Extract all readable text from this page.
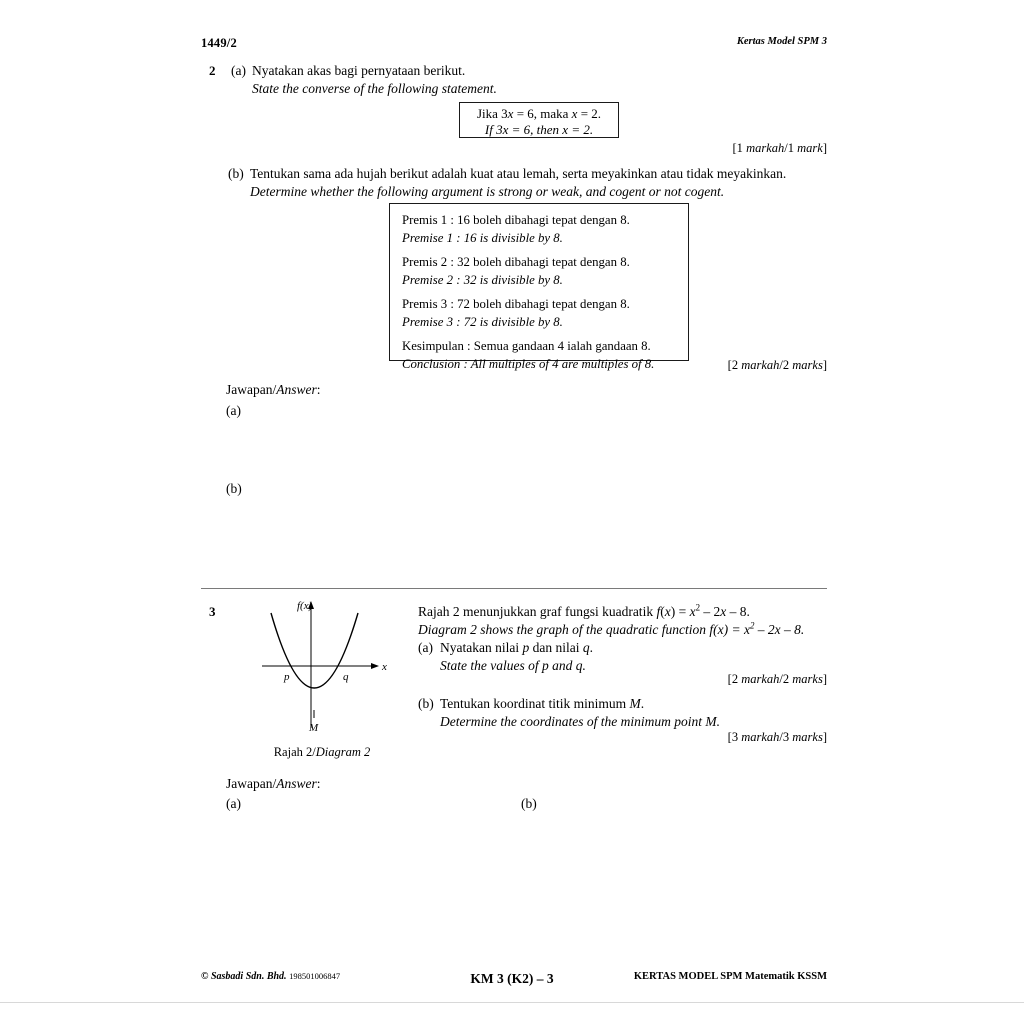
1449/2	Kertas Model SPM 3
2 (a) Nyatakan akas bagi pernyataan berikut.
State the converse of the following statement.
Jika 3x = 6, maka x = 2.
If 3x = 6, then x = 2.
[1 markah/1 mark]
(b) Tentukan sama ada hujah berikut adalah kuat atau lemah, serta meyakinkan atau tidak meyakinkan.
Determine whether the following argument is strong or weak, and cogent or not cogent.
Premis 1 : 16 boleh dibahagi tepat dengan 8.
Premise 1 : 16 is divisible by 8.
Premis 2 : 32 boleh dibahagi tepat dengan 8.
Premise 2 : 32 is divisible by 8.
Premis 3 : 72 boleh dibahagi tepat dengan 8.
Premise 3 : 72 is divisible by 8.
Kesimpulan : Semua gandaan 4 ialah gandaan 8.
Conclusion : All multiples of 4 are multiples of 8.	[2 markah/2 marks]
Jawapan/Answer:
(a)
(b)
3	f(x)
x
p	q
M
Rajah 2/Diagram 2
Rajah 2 menunjukkan graf fungsi kuadratik $f(x) = x^2 - 2x - 8$.
Diagram 2 shows the graph of the quadratic function $f(x) = x^2 - 2x - 8$.
(a) Nyatakan nilai p dan nilai q.
State the values of p and q.
[2 markah/2 marks]
(b) Tentukan koordinat titik minimum M.
Determine the coordinates of the minimum point M.
[3 markah/3 marks]
Jawapan/Answer:
(a)	(b)
© Sasbadi Sdn. Bhd. 198501006847	KM 3 (K2) – 3	KERTAS MODEL SPM Matematik KSSM
